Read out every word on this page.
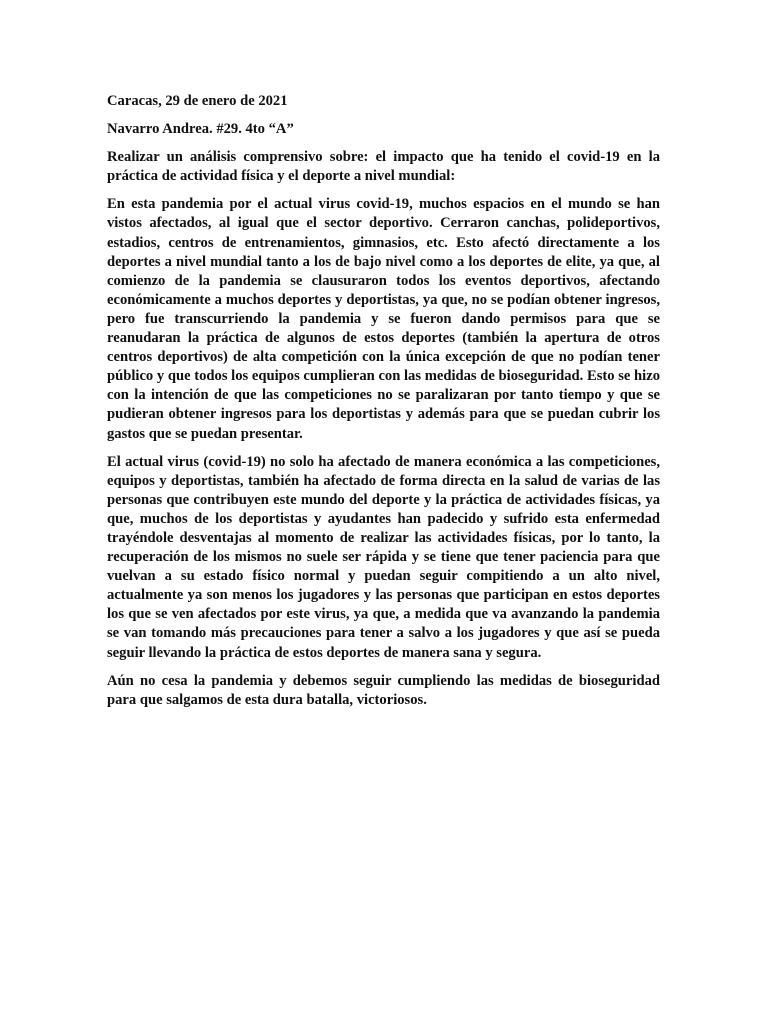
Caracas, 29 de enero de 2021

Navarro Andrea. #29. 4to “A”

Realizar un análisis comprensivo sobre: el impacto que ha tenido el covid-19 en la práctica de actividad física y el deporte a nivel mundial:

En esta pandemia por el actual virus covid-19, muchos espacios en el mundo se han vistos afectados, al igual que el sector deportivo. Cerraron canchas, polideportivos, estadios, centros de entrenamientos, gimnasios, etc. Esto afectó directamente a los deportes a nivel mundial tanto a los de bajo nivel como a los deportes de elite, ya que, al comienzo de la pandemia se clausuraron todos los eventos deportivos, afectando económicamente a muchos deportes y deportistas, ya que, no se podían obtener ingresos, pero fue transcurriendo la pandemia y se fueron dando permisos para que se reanudaran la práctica de algunos de estos deportes (también la apertura de otros centros deportivos) de alta competición con la única excepción de que no podían tener público y que todos los equipos cumplieran con las medidas de bioseguridad. Esto se hizo con la intención de que las competiciones no se paralizaran por tanto tiempo y que se pudieran obtener ingresos para los deportistas y además para que se puedan cubrir los gastos que se puedan presentar.

El actual virus (covid-19) no solo ha afectado de manera económica a las competiciones, equipos y deportistas, también ha afectado de forma directa en la salud de varias de las personas que contribuyen este mundo del deporte y la práctica de actividades físicas, ya que, muchos de los deportistas y ayudantes han padecido y sufrido esta enfermedad trayéndole desventajas al momento de realizar las actividades físicas, por lo tanto, la recuperación de los mismos no suele ser rápida y se tiene que tener paciencia para que vuelvan a su estado físico normal y puedan seguir compitiendo a un alto nivel, actualmente ya son menos los jugadores y las personas que participan en estos deportes los que se ven afectados por este virus, ya que, a medida que va avanzando la pandemia se van tomando más precauciones para tener a salvo a los jugadores y que así se pueda seguir llevando la práctica de estos deportes de manera sana y segura.

Aún no cesa la pandemia y debemos seguir cumpliendo las medidas de bioseguridad para que salgamos de esta dura batalla, victoriosos.
